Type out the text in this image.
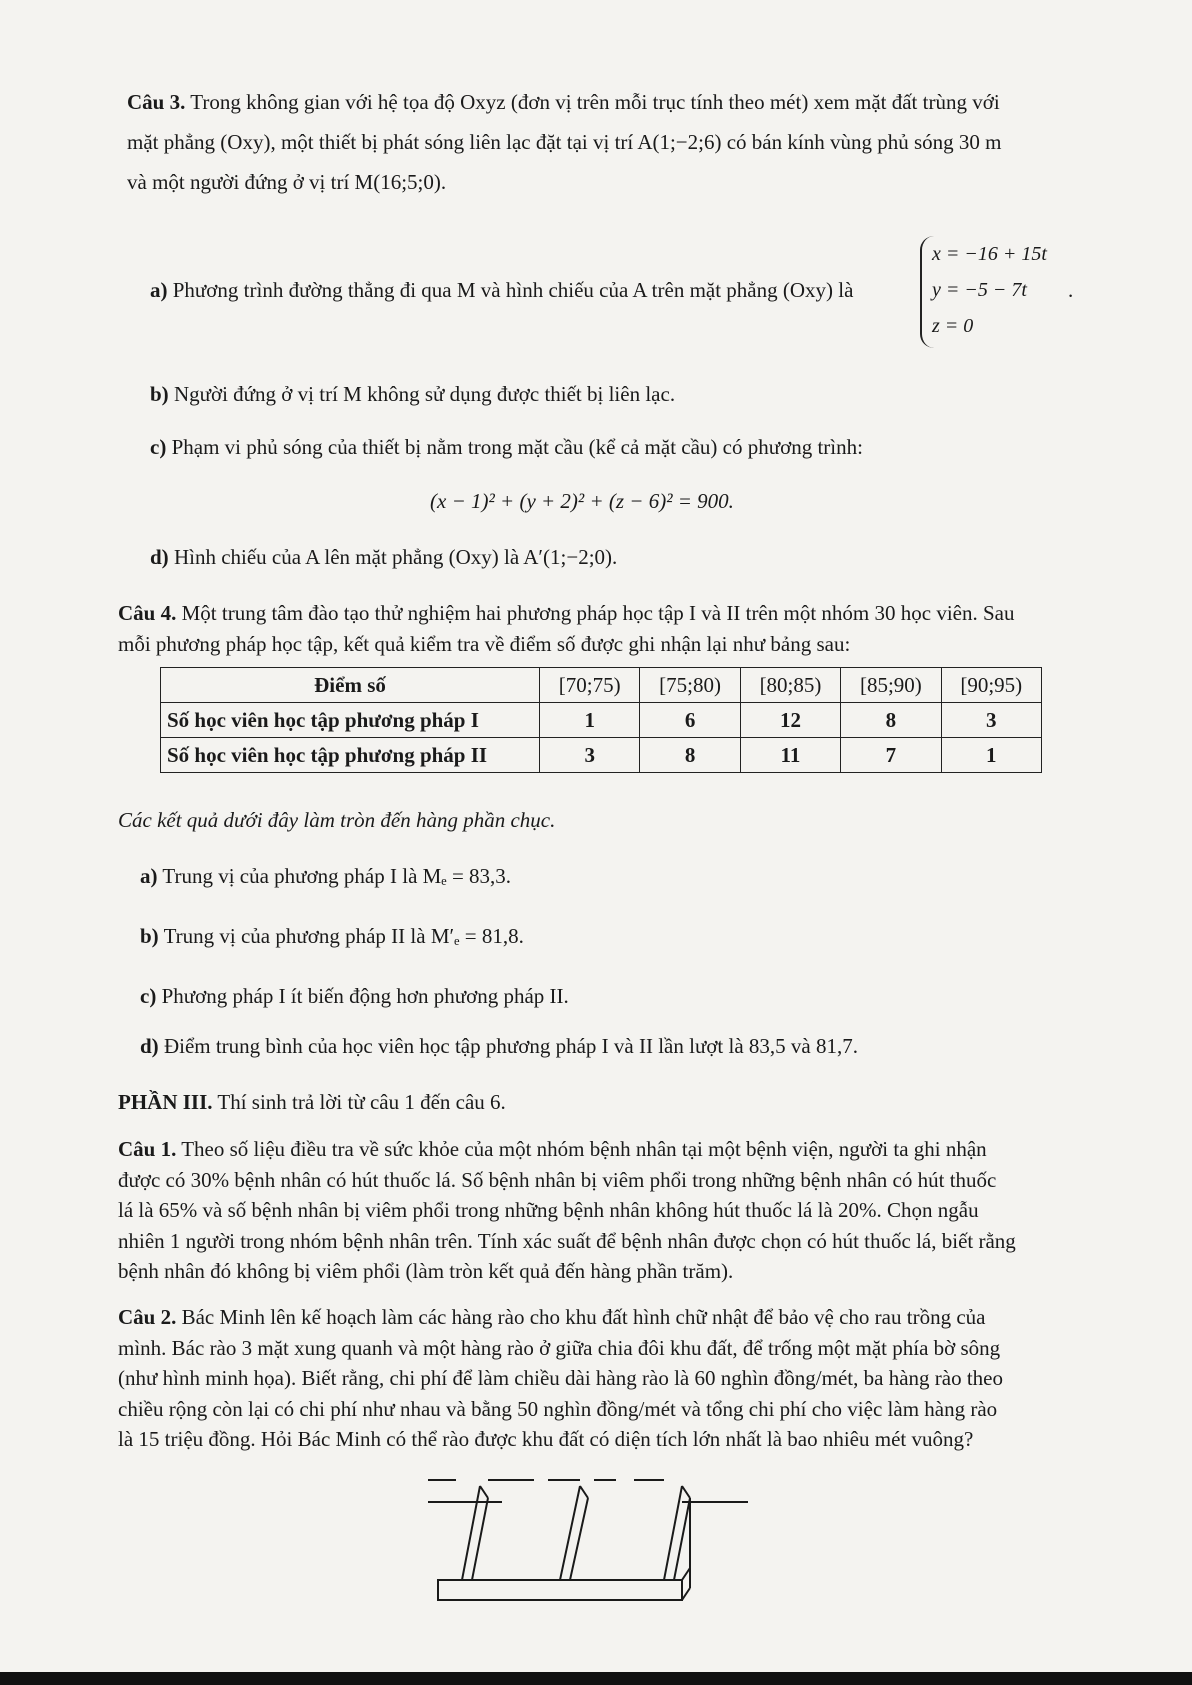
Câu 3. Trong không gian với hệ tọa độ Oxyz (đơn vị trên mỗi trục tính theo mét) xem mặt đất trùng với
mặt phẳng (Oxy), một thiết bị phát sóng liên lạc đặt tại vị trí A(1;−2;6) có bán kính vùng phủ sóng 30 m
và một người đứng ở vị trí M(16;5;0).
a) Phương trình đường thẳng đi qua M và hình chiếu của A trên mặt phẳng (Oxy) là
x = −16 + 15t
y = −5 − 7t
z = 0
.
b) Người đứng ở vị trí M không sử dụng được thiết bị liên lạc.
c) Phạm vi phủ sóng của thiết bị nằm trong mặt cầu (kể cả mặt cầu) có phương trình:
(x − 1)² + (y + 2)² + (z − 6)² = 900.
d) Hình chiếu của A lên mặt phẳng (Oxy) là A′(1;−2;0).
Câu 4. Một trung tâm đào tạo thử nghiệm hai phương pháp học tập I và II trên một nhóm 30 học viên. Sau
mỗi phương pháp học tập, kết quả kiểm tra về điểm số được ghi nhận lại như bảng sau:
Điểm số	[70;75)	[75;80)	[80;85)	[85;90)	[90;95)
Số học viên học tập phương pháp I	1	6	12	8	3
Số học viên học tập phương pháp II	3	8	11	7	1
Các kết quả dưới đây làm tròn đến hàng phần chục.
a) Trung vị của phương pháp I là Mₑ = 83,3.
b) Trung vị của phương pháp II là M′ₑ = 81,8.
c) Phương pháp I ít biến động hơn phương pháp II.
d) Điểm trung bình của học viên học tập phương pháp I và II lần lượt là 83,5 và 81,7.
PHẦN III. Thí sinh trả lời từ câu 1 đến câu 6.
Câu 1. Theo số liệu điều tra về sức khỏe của một nhóm bệnh nhân tại một bệnh viện, người ta ghi nhận
được có 30% bệnh nhân có hút thuốc lá. Số bệnh nhân bị viêm phổi trong những bệnh nhân có hút thuốc
lá là 65% và số bệnh nhân bị viêm phổi trong những bệnh nhân không hút thuốc lá là 20%. Chọn ngẫu
nhiên 1 người trong nhóm bệnh nhân trên. Tính xác suất để bệnh nhân được chọn có hút thuốc lá, biết rằng
bệnh nhân đó không bị viêm phổi (làm tròn kết quả đến hàng phần trăm).
Câu 2. Bác Minh lên kế hoạch làm các hàng rào cho khu đất hình chữ nhật để bảo vệ cho rau trồng của
mình. Bác rào 3 mặt xung quanh và một hàng rào ở giữa chia đôi khu đất, để trống một mặt phía bờ sông
(như hình minh họa). Biết rằng, chi phí để làm chiều dài hàng rào là 60 nghìn đồng/mét, ba hàng rào theo
chiều rộng còn lại có chi phí như nhau và bằng 50 nghìn đồng/mét và tổng chi phí cho việc làm hàng rào
là 15 triệu đồng. Hỏi Bác Minh có thể rào được khu đất có diện tích lớn nhất là bao nhiêu mét vuông?
